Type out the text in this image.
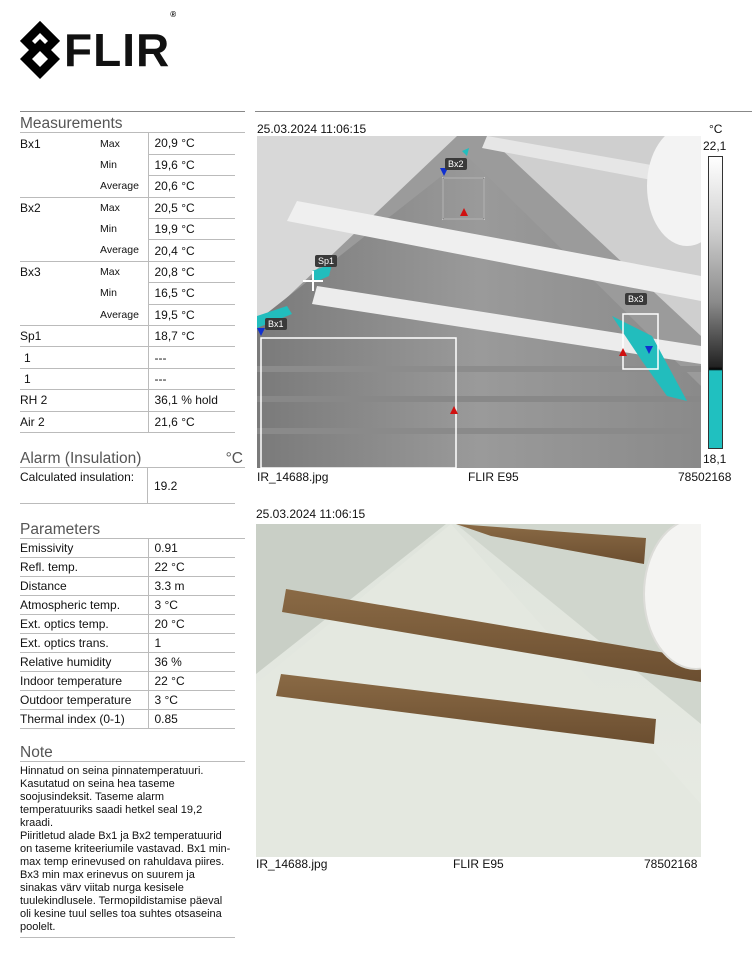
FLIR®
Measurements
Bx1	Max	20,9 °C
	Min	19,6 °C
	Average	20,6 °C
Bx2	Max	20,5 °C
	Min	19,9 °C
	Average	20,4 °C
Bx3	Max	20,8 °C
	Min	16,5 °C
	Average	19,5 °C
Sp1		18,7 °C
1		---
1		---
RH 2		36,1 % hold
Air 2		21,6 °C
Alarm (Insulation)	°C
Calculated insulation:
19.2
Parameters
Emissivity	0.91
Refl. temp.	22 °C
Distance	3.3 m
Atmospheric temp.	3 °C
Ext. optics temp.	20 °C
Ext. optics trans.	1
Relative humidity	36 %
Indoor temperature	22 °C
Outdoor temperature	3 °C
Thermal index (0-1)	0.85
Note

Hinnatud on seina pinnatemperatuuri. Kasutatud on seina hea taseme soojusindeksit. Taseme alarm temperatuuriks saadi hetkel seal 19,2 kraadi.

Piiritletud alade Bx1 ja Bx2 temperatuurid on taseme kriteeriumile vastavad. Bx1 min-max temp erinevused on rahuldava piires.

Bx3 min max erinevus on suurem ja sinakas värv viitab nurga kesisele tuulekindlusele. Termopildistamise päeval oli kesine tuul selles toa suhtes otsaseina poolelt.

25.03.2024 11:06:15
Bx2
Bx1
Bx3
Sp1
°C
22,1
18,1
IR_14688.jpg	FLIR E95	78502168
25.03.2024 11:06:15
IR_14688.jpg	FLIR E95	78502168
